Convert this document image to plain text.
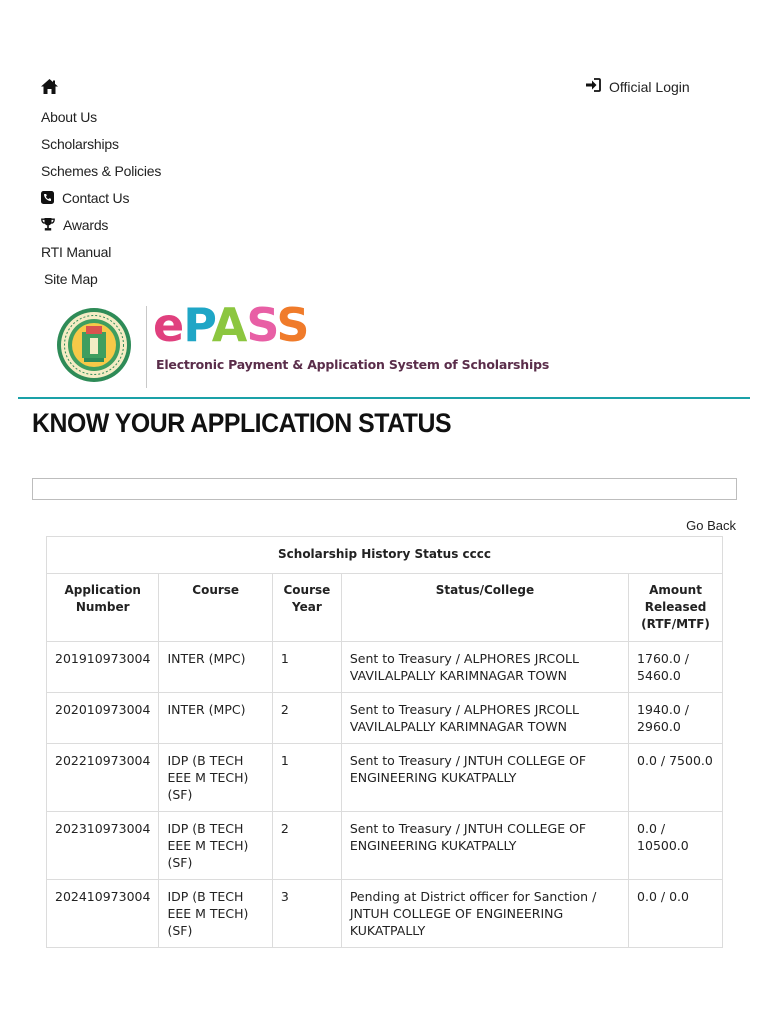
About Us
Scholarships
Schemes & Policies
Contact Us
Awards
RTI Manual
Site Map
Official Login
ePASS
Electronic Payment & Application System of Scholarships
KNOW YOUR APPLICATION STATUS
Go Back
Scholarship History Status cccc				
Application Number	Course	Course Year	Status/College	Amount Released (RTF/MTF)
201910973004	INTER (MPC)	1	Sent to Treasury / ALPHORES JRCOLL VAVILALPALLY KARIMNAGAR TOWN	1760.0 / 5460.0
202010973004	INTER (MPC)	2	Sent to Treasury / ALPHORES JRCOLL VAVILALPALLY KARIMNAGAR TOWN	1940.0 / 2960.0
202210973004	IDP (B TECH EEE M TECH) (SF)	1	Sent to Treasury / JNTUH COLLEGE OF ENGINEERING KUKATPALLY	0.0 / 7500.0
202310973004	IDP (B TECH EEE M TECH) (SF)	2	Sent to Treasury / JNTUH COLLEGE OF ENGINEERING KUKATPALLY	0.0 / 10500.0
202410973004	IDP (B TECH EEE M TECH) (SF)	3	Pending at District officer for Sanction / JNTUH COLLEGE OF ENGINEERING KUKATPALLY	0.0 / 0.0
